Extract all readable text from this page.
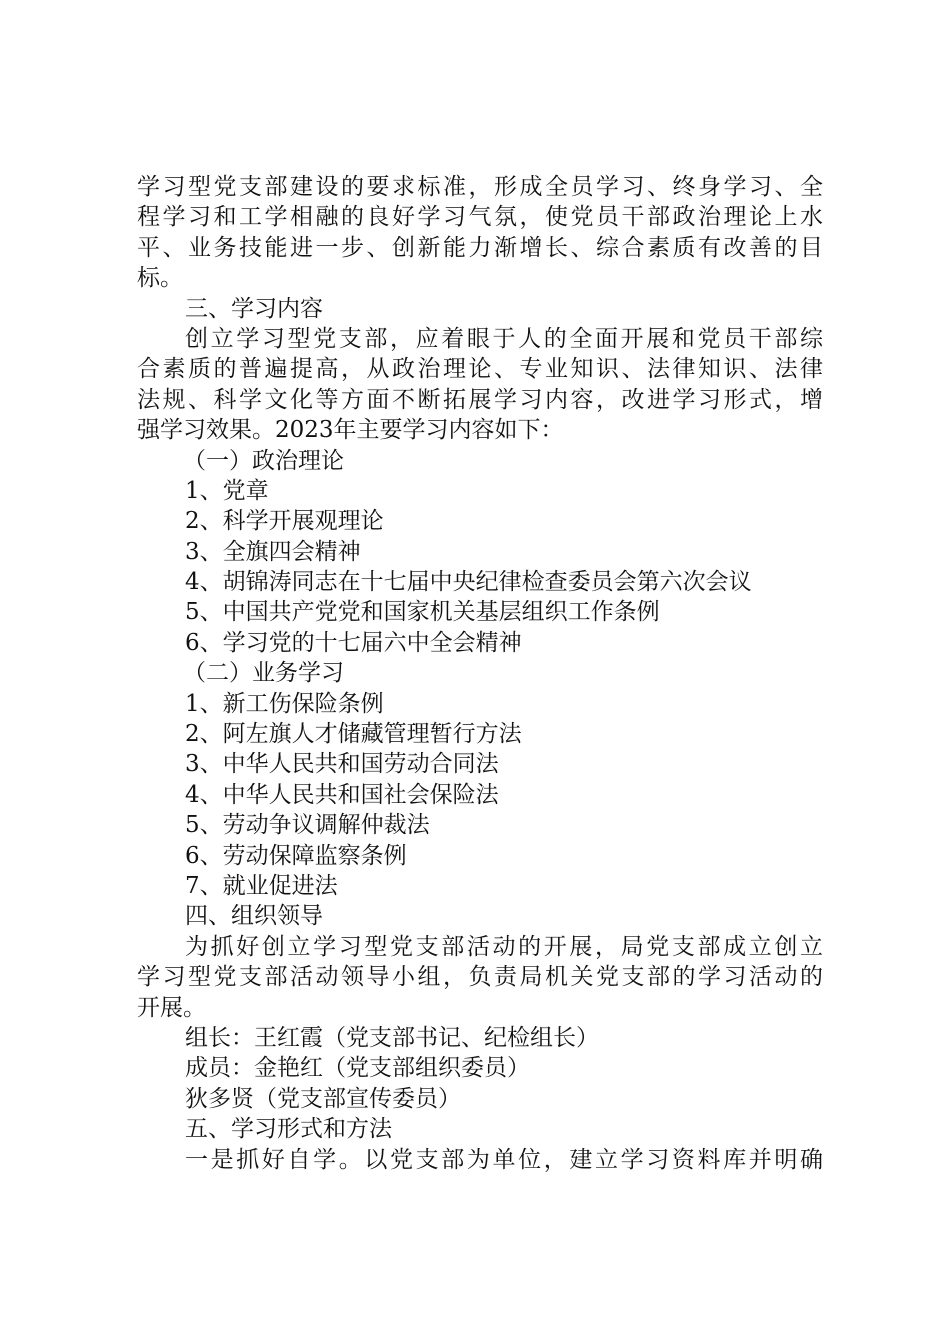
学习型党支部建设的要求标准，形成全员学习、终身学习、全
程学习和工学相融的良好学习气氛，使党员干部政治理论上水
平、业务技能进一步、创新能力渐增长、综合素质有改善的目
标。
三、学习内容
创立学习型党支部，应着眼于人的全面开展和党员干部综
合素质的普遍提高，从政治理论、专业知识、法律知识、法律
法规、科学文化等方面不断拓展学习内容，改进学习形式，增
强学习效果。2023年主要学习内容如下：
（一）政治理论
1、党章
2、科学开展观理论
3、全旗四会精神
4、胡锦涛同志在十七届中央纪律检查委员会第六次会议
5、中国共产党党和国家机关基层组织工作条例
6、学习党的十七届六中全会精神
（二）业务学习
1、新工伤保险条例
2、阿左旗人才储藏管理暂行方法
3、中华人民共和国劳动合同法
4、中华人民共和国社会保险法
5、劳动争议调解仲裁法
6、劳动保障监察条例
7、就业促进法
四、组织领导
为抓好创立学习型党支部活动的开展，局党支部成立创立
学习型党支部活动领导小组，负责局机关党支部的学习活动的
开展。
组长：王红霞（党支部书记、纪检组长）
成员：金艳红（党支部组织委员）
狄多贤（党支部宣传委员）
五、学习形式和方法
一是抓好自学。以党支部为单位，建立学习资料库并明确
